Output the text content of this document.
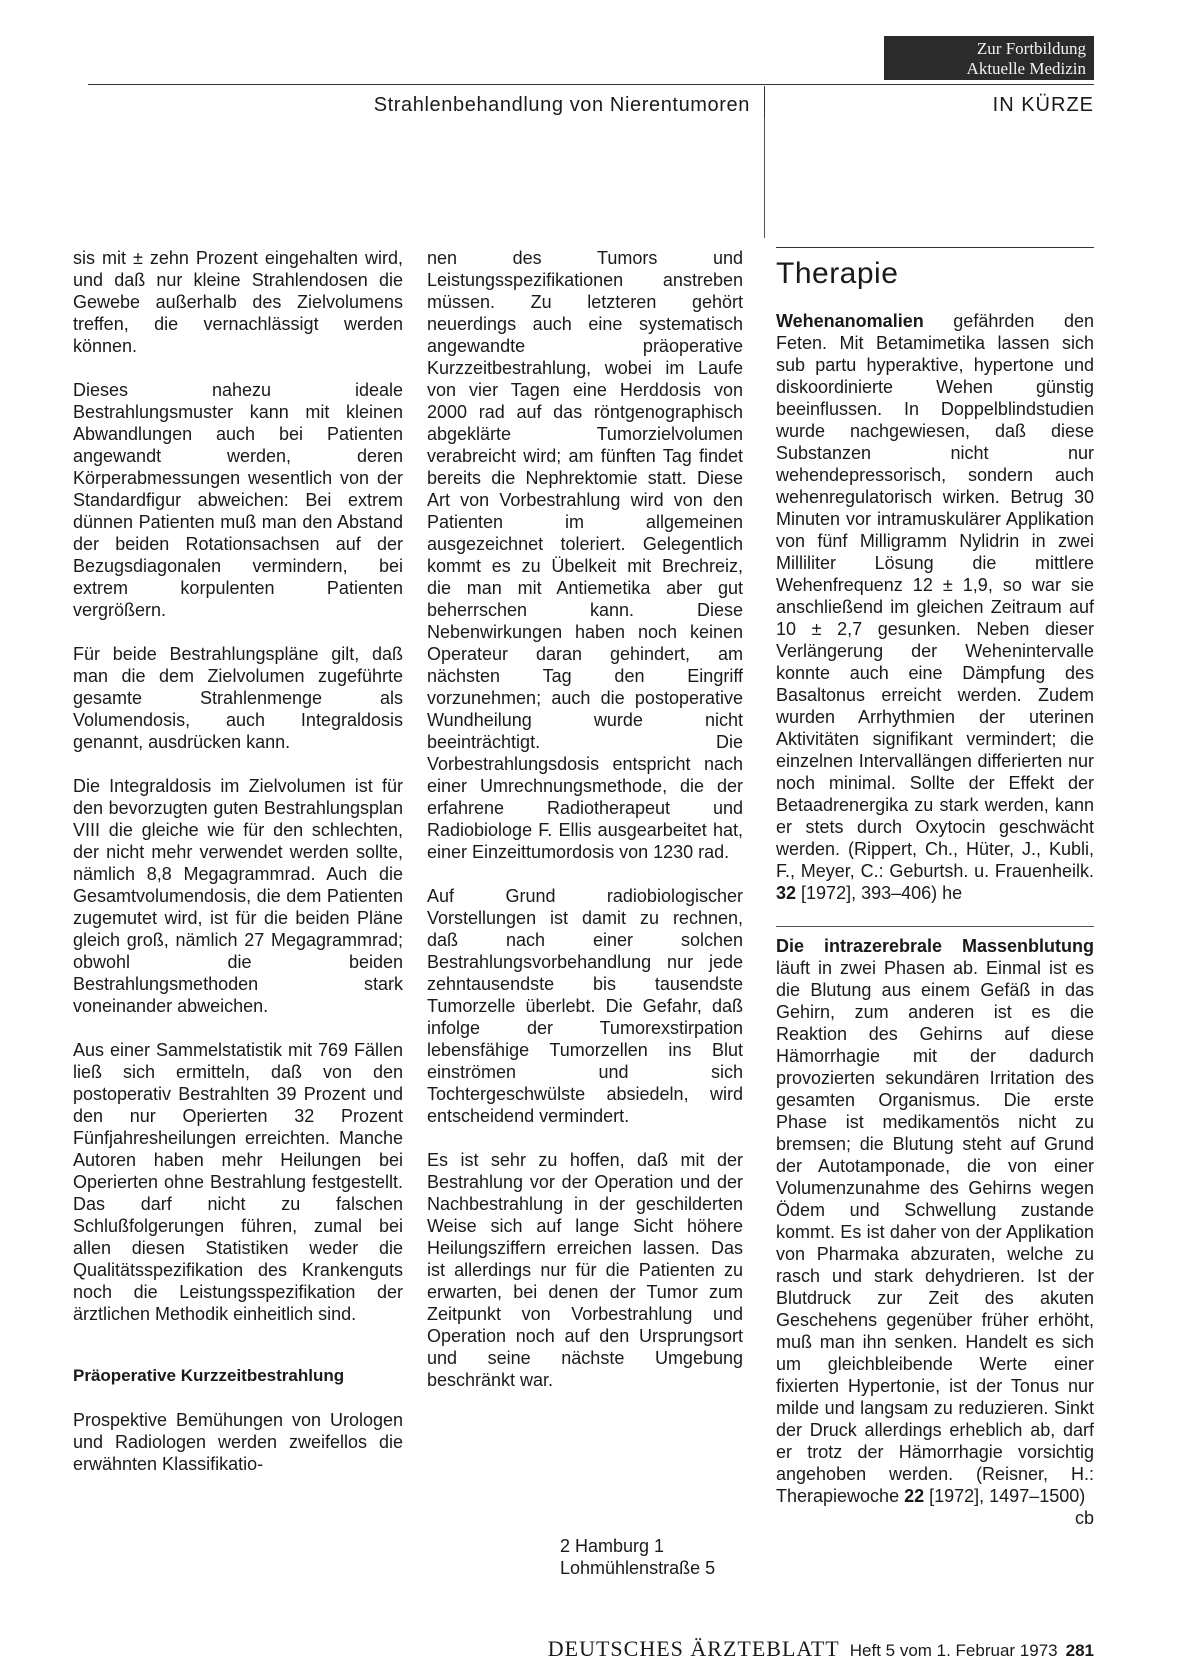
Zur Fortbildung
Aktuelle Medizin
Strahlenbehandlung von Nierentumoren	IN KÜRZE

sis mit ± zehn Prozent eingehalten wird, und daß nur kleine Strahlendosen die Gewebe außerhalb des Zielvolumens treffen, die vernachlässigt werden können.

Dieses nahezu ideale Bestrahlungsmuster kann mit kleinen Abwandlungen auch bei Patienten angewandt werden, deren Körperabmessungen wesentlich von der Standardfigur abweichen: Bei extrem dünnen Patienten muß man den Abstand der beiden Rotationsachsen auf der Bezugsdiagonalen vermindern, bei extrem korpulenten Patienten vergrößern.

Für beide Bestrahlungspläne gilt, daß man die dem Zielvolumen zugeführte gesamte Strahlenmenge als Volumendosis, auch Integraldosis genannt, ausdrücken kann.

Die Integraldosis im Zielvolumen ist für den bevorzugten guten Bestrahlungsplan VIII die gleiche wie für den schlechten, der nicht mehr verwendet werden sollte, nämlich 8,8 Megagrammrad. Auch die Gesamtvolumendosis, die dem Patienten zugemutet wird, ist für die beiden Pläne gleich groß, nämlich 27 Megagrammrad; obwohl die beiden Bestrahlungsmethoden stark voneinander abweichen.

Aus einer Sammelstatistik mit 769 Fällen ließ sich ermitteln, daß von den postoperativ Bestrahlten 39 Prozent und den nur Operierten 32 Prozent Fünfjahresheilungen erreichten. Manche Autoren haben mehr Heilungen bei Operierten ohne Bestrahlung festgestellt. Das darf nicht zu falschen Schlußfolgerungen führen, zumal bei allen diesen Statistiken weder die Qualitätsspezifikation des Krankenguts noch die Leistungsspezifikation der ärztlichen Methodik einheitlich sind.

Präoperative Kurzzeitbestrahlung

Prospektive Bemühungen von Urologen und Radiologen werden zweifellos die erwähnten Klassifikatio-

nen des Tumors und Leistungsspezifikationen anstreben müssen. Zu letzteren gehört neuerdings auch eine systematisch angewandte präoperative Kurzzeitbestrahlung, wobei im Laufe von vier Tagen eine Herddosis von 2000 rad auf das röntgenographisch abgeklärte Tumorzielvolumen verabreicht wird; am fünften Tag findet bereits die Nephrektomie statt. Diese Art von Vorbestrahlung wird von den Patienten im allgemeinen ausgezeichnet toleriert. Gelegentlich kommt es zu Übelkeit mit Brechreiz, die man mit Antiemetika aber gut beherrschen kann. Diese Nebenwirkungen haben noch keinen Operateur daran gehindert, am nächsten Tag den Eingriff vorzunehmen; auch die postoperative Wundheilung wurde nicht beeinträchtigt. Die Vorbestrahlungsdosis entspricht nach einer Umrechnungsmethode, die der erfahrene Radiotherapeut und Radiobiologe F. Ellis ausgearbeitet hat, einer Einzeittumordosis von 1230 rad.

Auf Grund radiobiologischer Vorstellungen ist damit zu rechnen, daß nach einer solchen Bestrahlungsvorbehandlung nur jede zehntausendste bis tausendste Tumorzelle überlebt. Die Gefahr, daß infolge der Tumorexstirpation lebensfähige Tumorzellen ins Blut einströmen und sich Tochtergeschwülste absiedeln, wird entscheidend vermindert.

Es ist sehr zu hoffen, daß mit der Bestrahlung vor der Operation und der Nachbestrahlung in der geschilderten Weise sich auf lange Sicht höhere Heilungsziffern erreichen lassen. Das ist allerdings nur für die Patienten zu erwarten, bei denen der Tumor zum Zeitpunkt von Vorbestrahlung und Operation noch auf den Ursprungsort und seine nächste Umgebung beschränkt war.

2 Hamburg 1
Lohmühlenstraße 5

Therapie

Wehenanomalien gefährden den Feten. Mit Betamimetika lassen sich sub partu hyperaktive, hypertone und diskoordinierte Wehen günstig beeinflussen. In Doppelblindstudien wurde nachgewiesen, daß diese Substanzen nicht nur wehendepressorisch, sondern auch wehenregulatorisch wirken. Betrug 30 Minuten vor intramuskulärer Applikation von fünf Milligramm Nylidrin in zwei Milliliter Lösung die mittlere Wehenfrequenz 12 ± 1,9, so war sie anschließend im gleichen Zeitraum auf 10 ± 2,7 gesunken. Neben dieser Verlängerung der Wehenintervalle konnte auch eine Dämpfung des Basaltonus erreicht werden. Zudem wurden Arrhythmien der uterinen Aktivitäten signifikant vermindert; die einzelnen Intervallängen differierten nur noch minimal. Sollte der Effekt der Betaadrenergika zu stark werden, kann er stets durch Oxytocin geschwächt werden. (Rippert, Ch., Hüter, J., Kubli, F., Meyer, C.: Geburtsh. u. Frauenheilk. 32 [1972], 393–406) he

Die intrazerebrale Massenblutung läuft in zwei Phasen ab. Einmal ist es die Blutung aus einem Gefäß in das Gehirn, zum anderen ist es die Reaktion des Gehirns auf diese Hämorrhagie mit der dadurch provozierten sekundären Irritation des gesamten Organismus. Die erste Phase ist medikamentös nicht zu bremsen; die Blutung steht auf Grund der Autotamponade, die von einer Volumenzunahme des Gehirns wegen Ödem und Schwellung zustande kommt. Es ist daher von der Applikation von Pharmaka abzuraten, welche zu rasch und stark dehydrieren. Ist der Blutdruck zur Zeit des akuten Geschehens gegenüber früher erhöht, muß man ihn senken. Handelt es sich um gleichbleibende Werte einer fixierten Hypertonie, ist der Tonus nur milde und langsam zu reduzieren. Sinkt der Druck allerdings erheblich ab, darf er trotz der Hämorrhagie vorsichtig angehoben werden. (Reisner, H.: Therapiewoche 22 [1972], 1497–1500)
cb

DEUTSCHES ÄRZTEBLATT Heft 5 vom 1. Februar 1973 281
